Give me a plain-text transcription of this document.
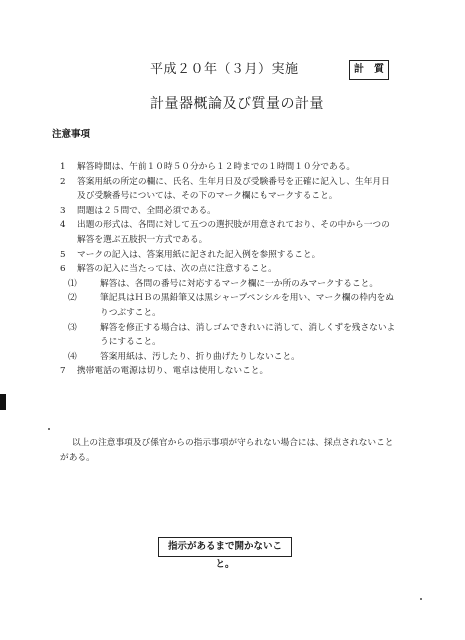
平成２０年（３月）実施	計　質
計量器概論及び質量の計量
注意事項
1 解答時間は、午前１０時５０分から１２時までの１時間１０分である。
2 答案用紙の所定の欄に、氏名、生年月日及び受験番号を正確に記入し、生年月日
及び受験番号については、その下のマーク欄にもマークすること。
3 問題は２５問で、全問必須である。
4 出題の形式は、各問に対して五つの選択肢が用意されており、その中から一つの
解答を選ぶ五肢択一方式である。
5 マークの記入は、答案用紙に記された記入例を参照すること。
6 解答の記入に当たっては、次の点に注意すること。
⑴	解答は、各問の番号に対応するマーク欄に一か所のみマークすること。
⑵	筆記具はＨＢの黒鉛筆又は黒シャープペンシルを用い、マーク欄の枠内をぬ
りつぶすこと。
⑶	解答を修正する場合は、消しゴムできれいに消して、消しくずを残さないよ
うにすること。
⑷	答案用紙は、汚したり、折り曲げたりしないこと。
7 携帯電話の電源は切り、電卓は使用しないこと。
以上の注意事項及び係官からの指示事項が守られない場合には、採点されないこと
がある。
指示があるまで開かないこと。
